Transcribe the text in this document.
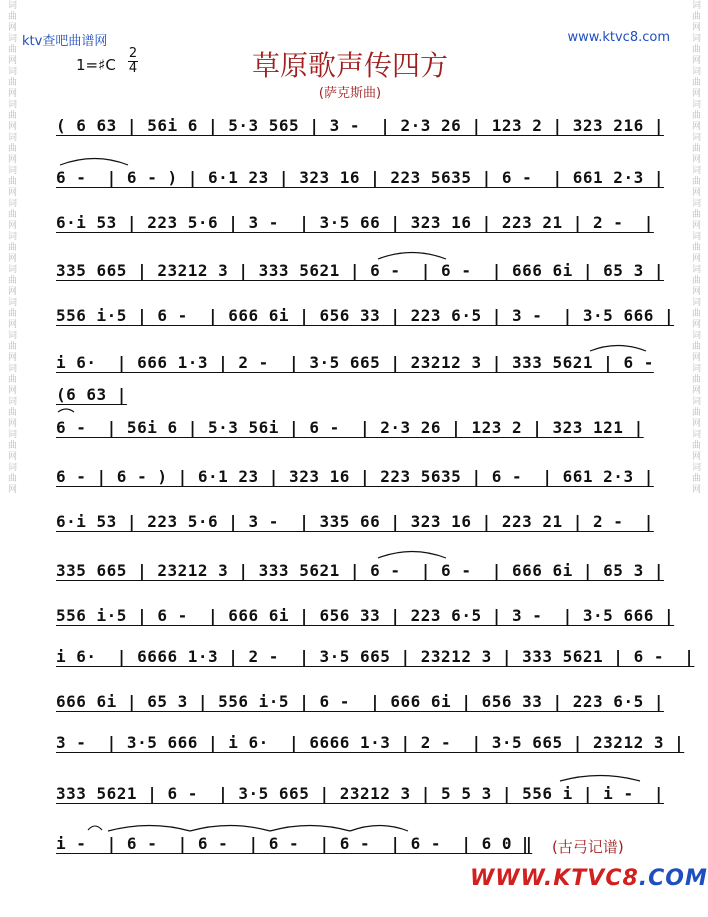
词曲网词曲网词曲网词曲网词曲网词曲网词曲网词曲网词曲网词曲网词曲网词曲网词曲网词曲网词曲网	词曲网词曲网词曲网词曲网词曲网词曲网词曲网词曲网词曲网词曲网词曲网词曲网词曲网词曲网词曲网
ktv查吧曲谱网	www.ktvc8.com
1=♯C
2
4	草原歌声传四方
(萨克斯曲)
( 6 63 | 56i 6 | 5·3 565 | 3 -  | 2·3 26 | 123 2 | 323 216 |
6 -  | 6 - ) | 6·1 23 | 323 16 | 223 5635 | 6 -  | 661 2·3 |
6·i 53 | 223 5·6 | 3 -  | 3·5 66 | 323 16 | 223 21 | 2 -  |
335 665 | 23212 3 | 333 5621 | 6 -  | 6 -  | 666 6i | 65 3 |
556 i·5 | 6 -  | 666 6i | 656 33 | 223 6·5 | 3 -  | 3·5 666 |
i 6·  | 666 1·3 | 2 -  | 3·5 665 | 23212 3 | 333 5621 | 6 -
(6 63 |
6 -  | 56i 6 | 5·3 56i | 6 -  | 2·3 26 | 123 2 | 323 121 |
6 - | 6 - ) | 6·1 23 | 323 16 | 223 5635 | 6 -  | 661 2·3 |
6·i 53 | 223 5·6 | 3 -  | 335 66 | 323 16 | 223 21 | 2 -  |
335 665 | 23212 3 | 333 5621 | 6 -  | 6 -  | 666 6i | 65 3 |
556 i·5 | 6 -  | 666 6i | 656 33 | 223 6·5 | 3 -  | 3·5 666 |
i 6·  | 6666 1·3 | 2 -  | 3·5 665 | 23212 3 | 333 5621 | 6 -  |
666 6i | 65 3 | 556 i·5 | 6 -  | 666 6i | 656 33 | 223 6·5 |
3 -  | 3·5 666 | i 6·  | 6666 1·3 | 2 -  | 3·5 665 | 23212 3 |
333 5621 | 6 -  | 3·5 665 | 23212 3 | 5 5 3 | 556 i | i -  |
i -  | 6 -  | 6 -  | 6 -  | 6 -  | 6 -  | 6 0 ‖	(古弓记谱)
WWW.KTVC8.COM
